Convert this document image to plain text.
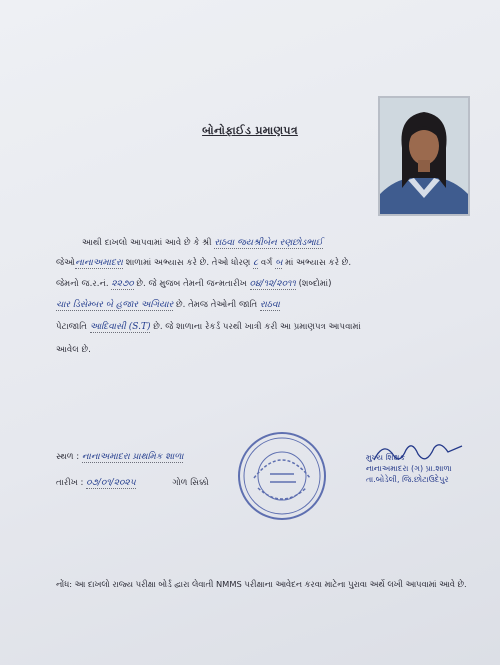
બોનોફાઈડ પ્રમાણપત્ર
આથી દાખલો આપવામાં આવે છે કે શ્રી રાઠવા જયશ્રીબેન રણછોડભાઈ
જેઓનાનાઅમાદરા શાળામાં અભ્યાસ કરે છે. તેઓ ધોરણ ૮ વર્ગ બ માં અભ્યાસ કરે છે.
જેમનો જ.ર.નં. ૨૨૭૦ છે. જે મુજબ તેમની જન્મતારીખ ૦૪/૧૨/૨૦૧૧ (શબ્દોમાં)
ચાર ડિસેમ્બર બે હજાર અગિયાર છે. તેમજ તેઓની જાતિ રાઠવા
પેટાજાતિ આદિવાસી (S.T) છે. જે શાળાના રેકર્ડ પરથી ખાત્રી કરી આ પ્રમાણપત્ર આપવામાં
આવેલ છે.
સ્થળ : નાનાઅમાદરા પ્રાથમિક શાળા
તારીખ : ૦૭/૦૧/૨૦૨૫	ગોળ સિક્કો
મુખ્ય શિક્ષક
નાનાઅમાદરા (ગ) પ્રા.શાળા
તા.બોડેલી, જિ.છોટાઉદેપુર
નોંધ: આ દાખલો રાજ્ય પરીક્ષા બોર્ડ દ્વારા લેવાતી NMMS પરીક્ષાના આવેદન કરવા માટેના પુરાવા અર્થે લખી આપવામાં આવે છે.
